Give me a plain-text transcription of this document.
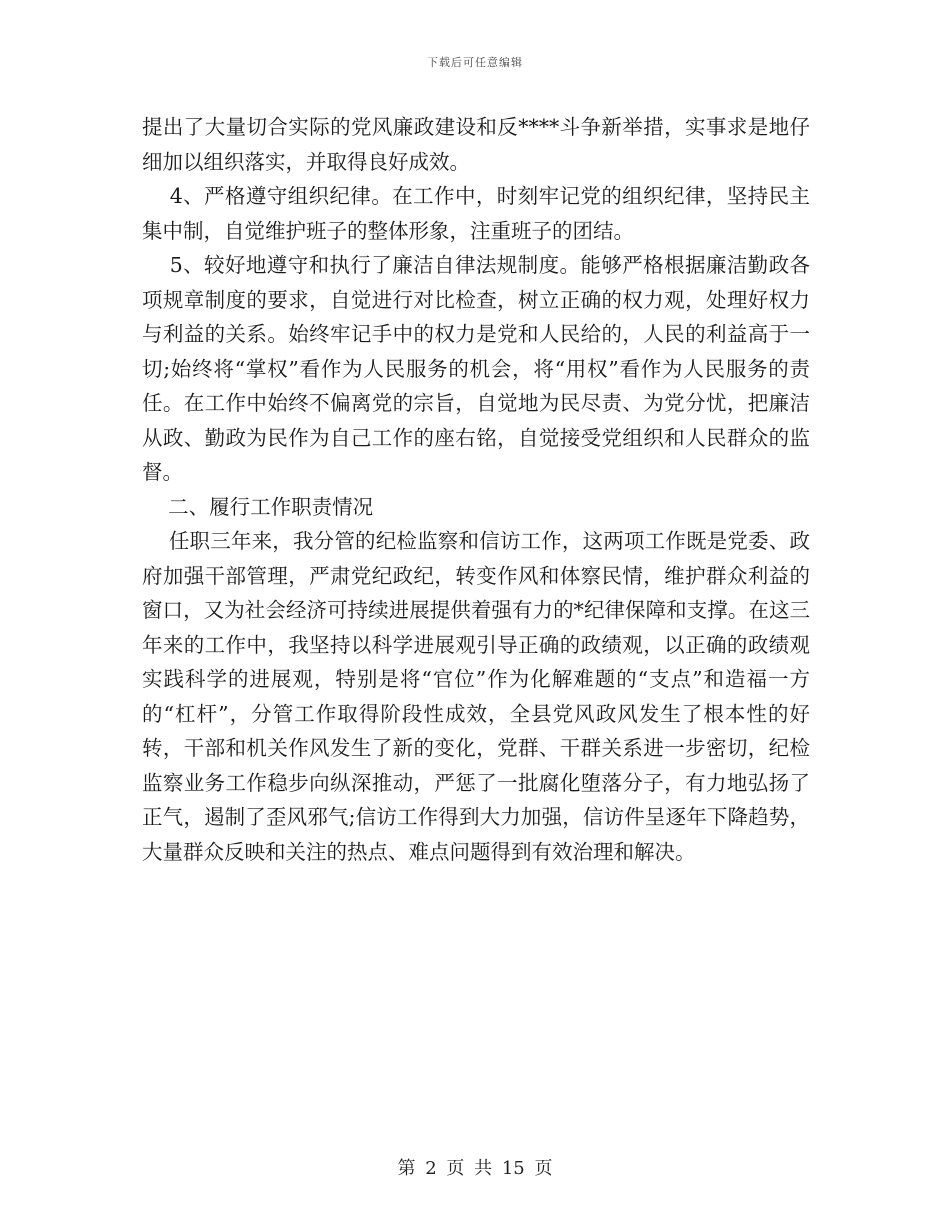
下载后可任意编辑

提出了大量切合实际的党风廉政建设和反****斗争新举措，实事求是地仔细加以组织落实，并取得良好成效。

4、严格遵守组织纪律。在工作中，时刻牢记党的组织纪律，坚持民主集中制，自觉维护班子的整体形象，注重班子的团结。

5、较好地遵守和执行了廉洁自律法规制度。能够严格根据廉洁勤政各项规章制度的要求，自觉进行对比检查，树立正确的权力观，处理好权力与利益的关系。始终牢记手中的权力是党和人民给的，人民的利益高于一切;始终将“掌权”看作为人民服务的机会，将“用权”看作为人民服务的责任。在工作中始终不偏离党的宗旨，自觉地为民尽责、为党分忧，把廉洁从政、勤政为民作为自己工作的座右铭，自觉接受党组织和人民群众的监督。

二、履行工作职责情况

任职三年来，我分管的纪检监察和信访工作，这两项工作既是党委、政府加强干部管理，严肃党纪政纪，转变作风和体察民情，维护群众利益的窗口，又为社会经济可持续进展提供着强有力的*纪律保障和支撑。在这三年来的工作中，我坚持以科学进展观引导正确的政绩观，以正确的政绩观实践科学的进展观，特别是将“官位”作为化解难题的“支点”和造福一方的“杠杆”，分管工作取得阶段性成效，全县党风政风发生了根本性的好转，干部和机关作风发生了新的变化，党群、干群关系进一步密切，纪检监察业务工作稳步向纵深推动，严惩了一批腐化堕落分子，有力地弘扬了正气，遏制了歪风邪气;信访工作得到大力加强，信访件呈逐年下降趋势，大量群众反映和关注的热点、难点问题得到有效治理和解决。

第 2 页 共 15 页
